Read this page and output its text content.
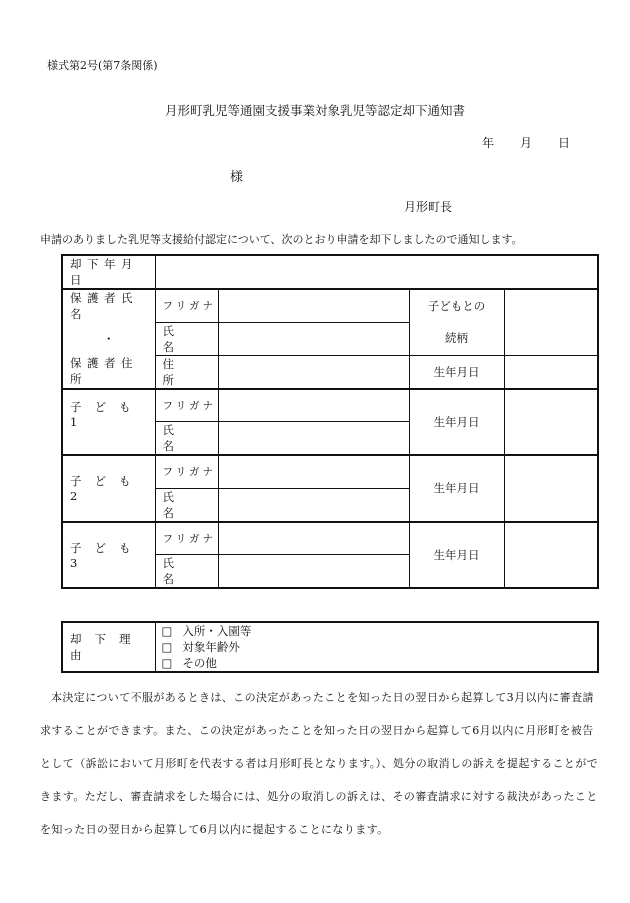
様式第2号(第7条関係)
月形町乳児等通園支援事業対象乳児等認定却下通知書
年 月 日
様
月形町長
申請のありました乳児等支援給付認定について、次のとおり申請を却下しましたので通知します。
却下年月日				
保護者氏名	フリガナ		子どもとの	
・	氏　名		続柄	
保護者住所	住　所		生年月日	
子ども1	フリガナ		生年月日	
	氏　名			
子ども2	フリガナ		生年月日	
	氏　名			
子ども3	フリガナ		生年月日	
	氏　名			
却下理由	
□ 入所・入園等
□ 対象年齢外
□ その他
本決定について不服があるときは、この決定があったことを知った日の翌日から起算して3月以内に審査請求することができます。また、この決定があったことを知った日の翌日から起算して6月以内に月形町を被告として（訴訟において月形町を代表する者は月形町長となります。）、処分の取消しの訴えを提起することができます。ただし、審査請求をした場合には、処分の取消しの訴えは、その審査請求に対する裁決があったことを知った日の翌日から起算して6月以内に提起することになります。
